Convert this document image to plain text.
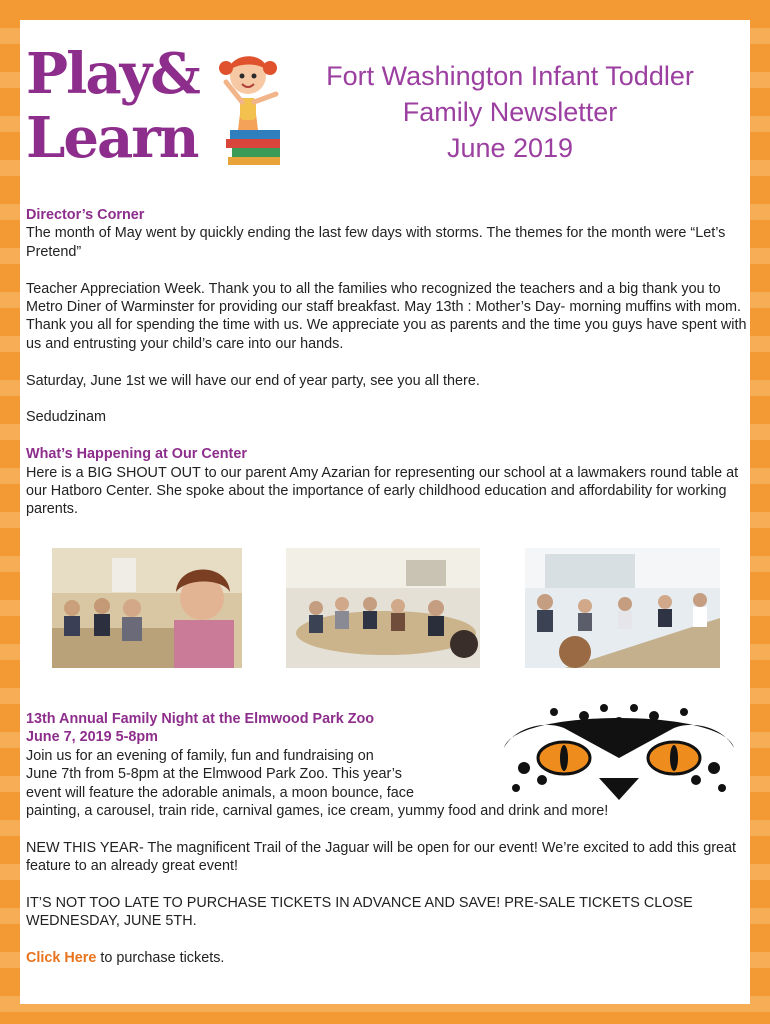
Play&
Learn
Fort Washington Infant Toddler
Family Newsletter
June 2019

Director’s Corner
The month of May went by quickly ending the last few days with storms. The themes for the month were “Let’s Pretend”

Teacher Appreciation Week. Thank you to all the families who recognized the teachers and a big thank you to Metro Diner of Warminster for providing our staff breakfast. May 13th : Mother’s Day- morning muffins with mom. Thank you all for spending the time with us. We appreciate you as parents and the time you guys have spent with us and entrusting your child’s care into our hands.

Saturday, June 1st we will have our end of year party, see you all there.

Sedudzinam

What’s Happening at Our Center
Here is a BIG SHOUT OUT to our parent Amy Azarian for representing our school at a lawmakers round table at our Hatboro Center. She spoke about the importance of early childhood education and affordability for working parents.

13th Annual Family Night at the Elmwood Park Zoo
June 7, 2019 5-8pm
Join us for an evening of family, fun and fundraising on
June 7th from 5-8pm at the Elmwood Park Zoo. This year’s
event will feature the adorable animals, a moon bounce, face
painting, a carousel, train ride, carnival games, ice cream, yummy food and drink and more!

NEW THIS YEAR- The magnificent Trail of the Jaguar will be open for our event! We’re excited to add this great feature to an already great event!

IT’S NOT TOO LATE TO PURCHASE TICKETS IN ADVANCE AND SAVE! PRE-SALE TICKETS CLOSE WEDNESDAY, JUNE 5TH.

Click Here to purchase tickets.
